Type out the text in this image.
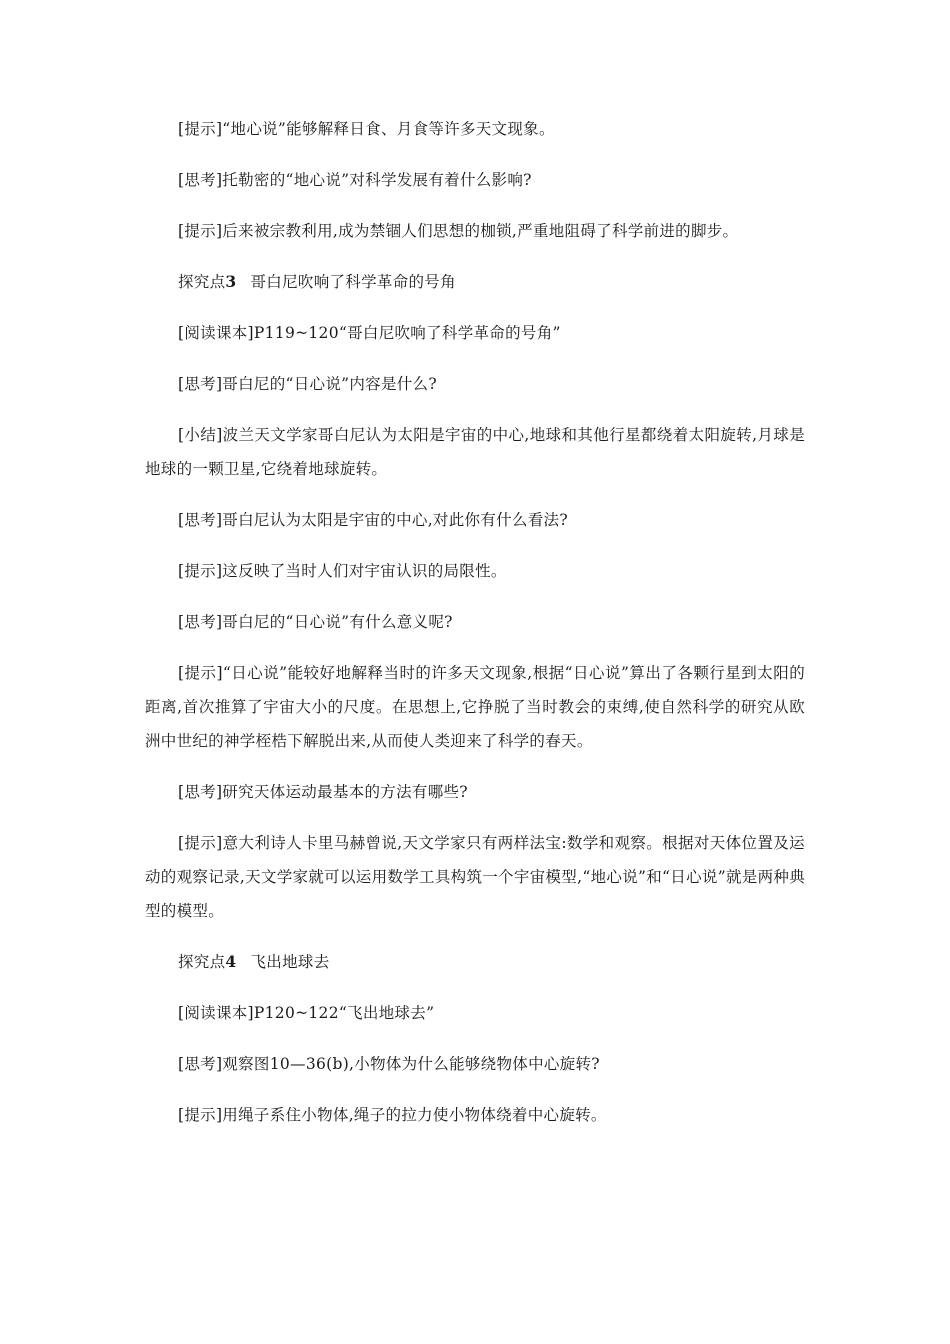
[提示]“地心说”能够解释日食、月食等许多天文现象。

[思考]托勒密的“地心说”对科学发展有着什么影响?

[提示]后来被宗教利用,成为禁锢人们思想的枷锁,严重地阻碍了科学前进的脚步。

探究点3 哥白尼吹响了科学革命的号角

[阅读课本]P119~120“哥白尼吹响了科学革命的号角”

[思考]哥白尼的“日心说”内容是什么?

[小结]波兰天文学家哥白尼认为太阳是宇宙的中心,地球和其他行星都绕着太阳旋转,月球是地球的一颗卫星,它绕着地球旋转。

[思考]哥白尼认为太阳是宇宙的中心,对此你有什么看法?

[提示]这反映了当时人们对宇宙认识的局限性。

[思考]哥白尼的“日心说”有什么意义呢?

[提示]“日心说”能较好地解释当时的许多天文现象,根据“日心说”算出了各颗行星到太阳的距离,首次推算了宇宙大小的尺度。在思想上,它挣脱了当时教会的束缚,使自然科学的研究从欧洲中世纪的神学桎梏下解脱出来,从而使人类迎来了科学的春天。

[思考]研究天体运动最基本的方法有哪些?

[提示]意大利诗人卡里马赫曾说,天文学家只有两样法宝:数学和观察。根据对天体位置及运动的观察记录,天文学家就可以运用数学工具构筑一个宇宙模型,“地心说”和“日心说”就是两种典型的模型。

探究点4 飞出地球去

[阅读课本]P120~122“飞出地球去”

[思考]观察图10—36(b),小物体为什么能够绕物体中心旋转?

[提示]用绳子系住小物体,绳子的拉力使小物体绕着中心旋转。
